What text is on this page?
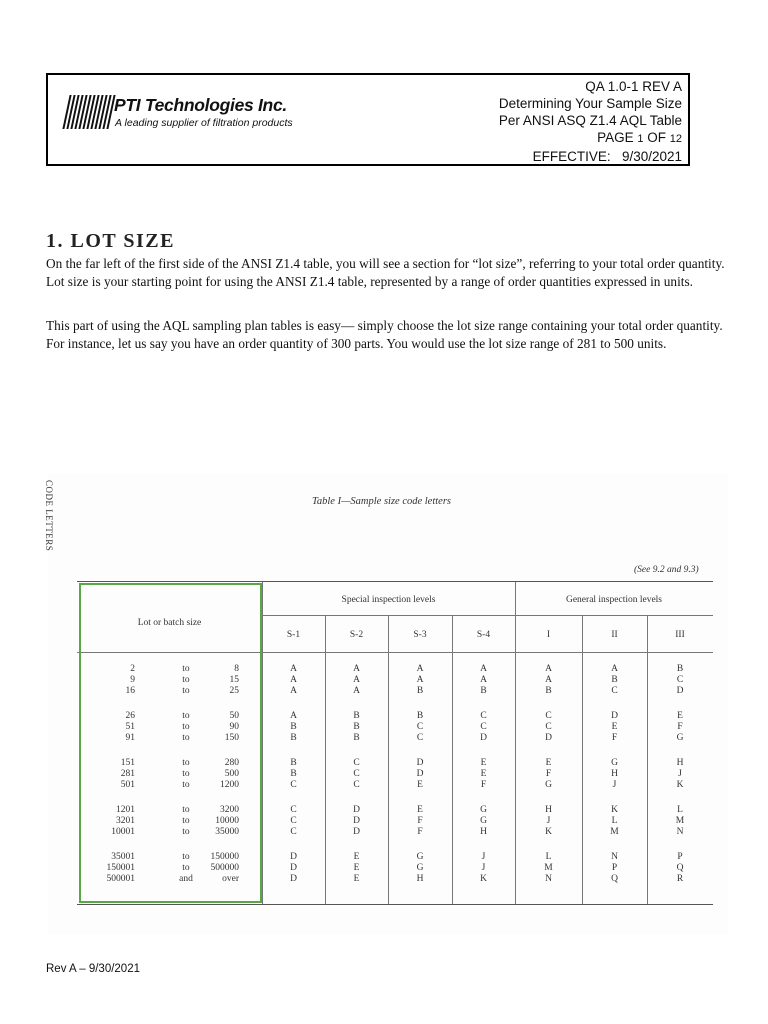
PTI Technologies Inc.
A leading supplier of filtration products
QA 1.0-1 REV A
Determining Your Sample Size
Per ANSI ASQ Z1.4 AQL Table
PAGE 1 OF 12
EFFECTIVE: 9/30/2021
1. LOT SIZE

On the far left of the first side of the ANSI Z1.4 table, you will see a section for “lot size”, referring to your total order quantity. Lot size is your starting point for using the ANSI Z1.4 table, represented by a range of order quantities expressed in units.

This part of using the AQL sampling plan tables is easy— simply choose the lot size range containing your total order quantity. For instance, let us say you have an order quantity of 300 parts. You would use the lot size range of 281 to 500 units.

CODE LETTERS	Table I—Sample size code letters
(See 9.2 and 9.3)
Lot or batch size
Special inspection levels	General inspection levels
S-1	S-2	S-3	S-4	I	II	III
2	to	8	A	A	A	A	A	A	B
9	to	15	A	A	A	A	A	B	C
16	to	25	A	A	B	B	B	C	D
26	to	50	A	B	B	C	C	D	E
51	to	90	B	B	C	C	C	E	F
91	to	150	B	B	C	D	D	F	G
151	to	280	B	C	D	E	E	G	H
281	to	500	B	C	D	E	F	H	J
501	to	1200	C	C	E	F	G	J	K
1201	to	3200	C	D	E	G	H	K	L
3201	to	10000	C	D	F	G	J	L	M
10001	to	35000	C	D	F	H	K	M	N
35001	to	150000	D	E	G	J	L	N	P
150001	to	500000	D	E	G	J	M	P	Q
500001	and	over	D	E	H	K	N	Q	R
Rev A – 9/30/2021
